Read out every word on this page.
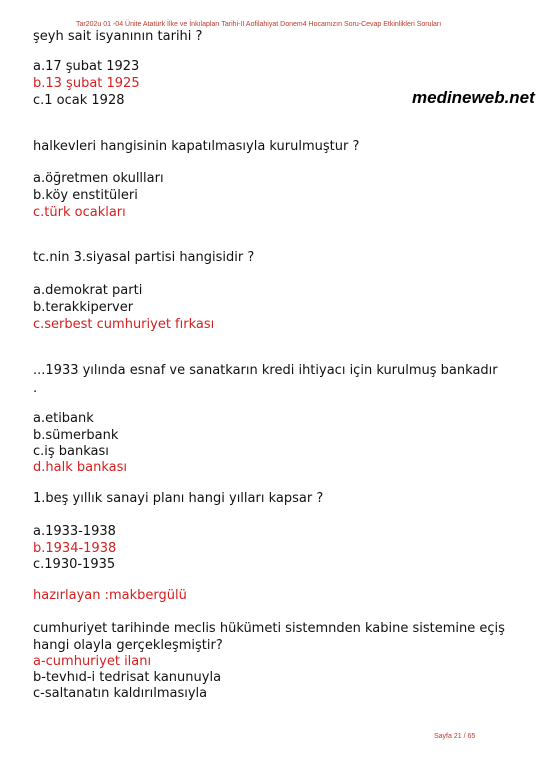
Tar202u 01 -04 Ünite Atatürk İlke ve İnkılapları Tarihi-II Aofilahiyat Donem4 Hocamızın Soru-Cevap Etkinlikleri Soruları
medineweb.net
şeyh sait isyanının tarihi ?
a.17 şubat 1923
b.13 şubat 1925
c.1 ocak 1928
halkevleri hangisinin kapatılmasıyla kurulmuştur ?
a.öğretmen okullları
b.köy enstitüleri
c.türk ocakları
tc.nin 3.siyasal partisi hangisidir ?
a.demokrat parti
b.terakkiperver
c.serbest cumhuriyet fırkası
...1933 yılında esnaf ve sanatkarın kredi ihtiyacı için kurulmuş bankadır
.
a.etibank
b.sümerbank
c.iş bankası
d.halk bankası
1.beş yıllık sanayi planı hangi yılları kapsar ?
a.1933-1938
b.1934-1938
c.1930-1935
hazırlayan :makbergülü
cumhuriyet tarihinde meclis hükümeti sistemnden kabine sistemine eçiş
hangi olayla gerçekleşmiştir?
a-cumhuriyet ilanı
b-tevhıd-i tedrisat kanunuyla
c-saltanatın kaldırılmasıyla
Sayfa 21 / 65
